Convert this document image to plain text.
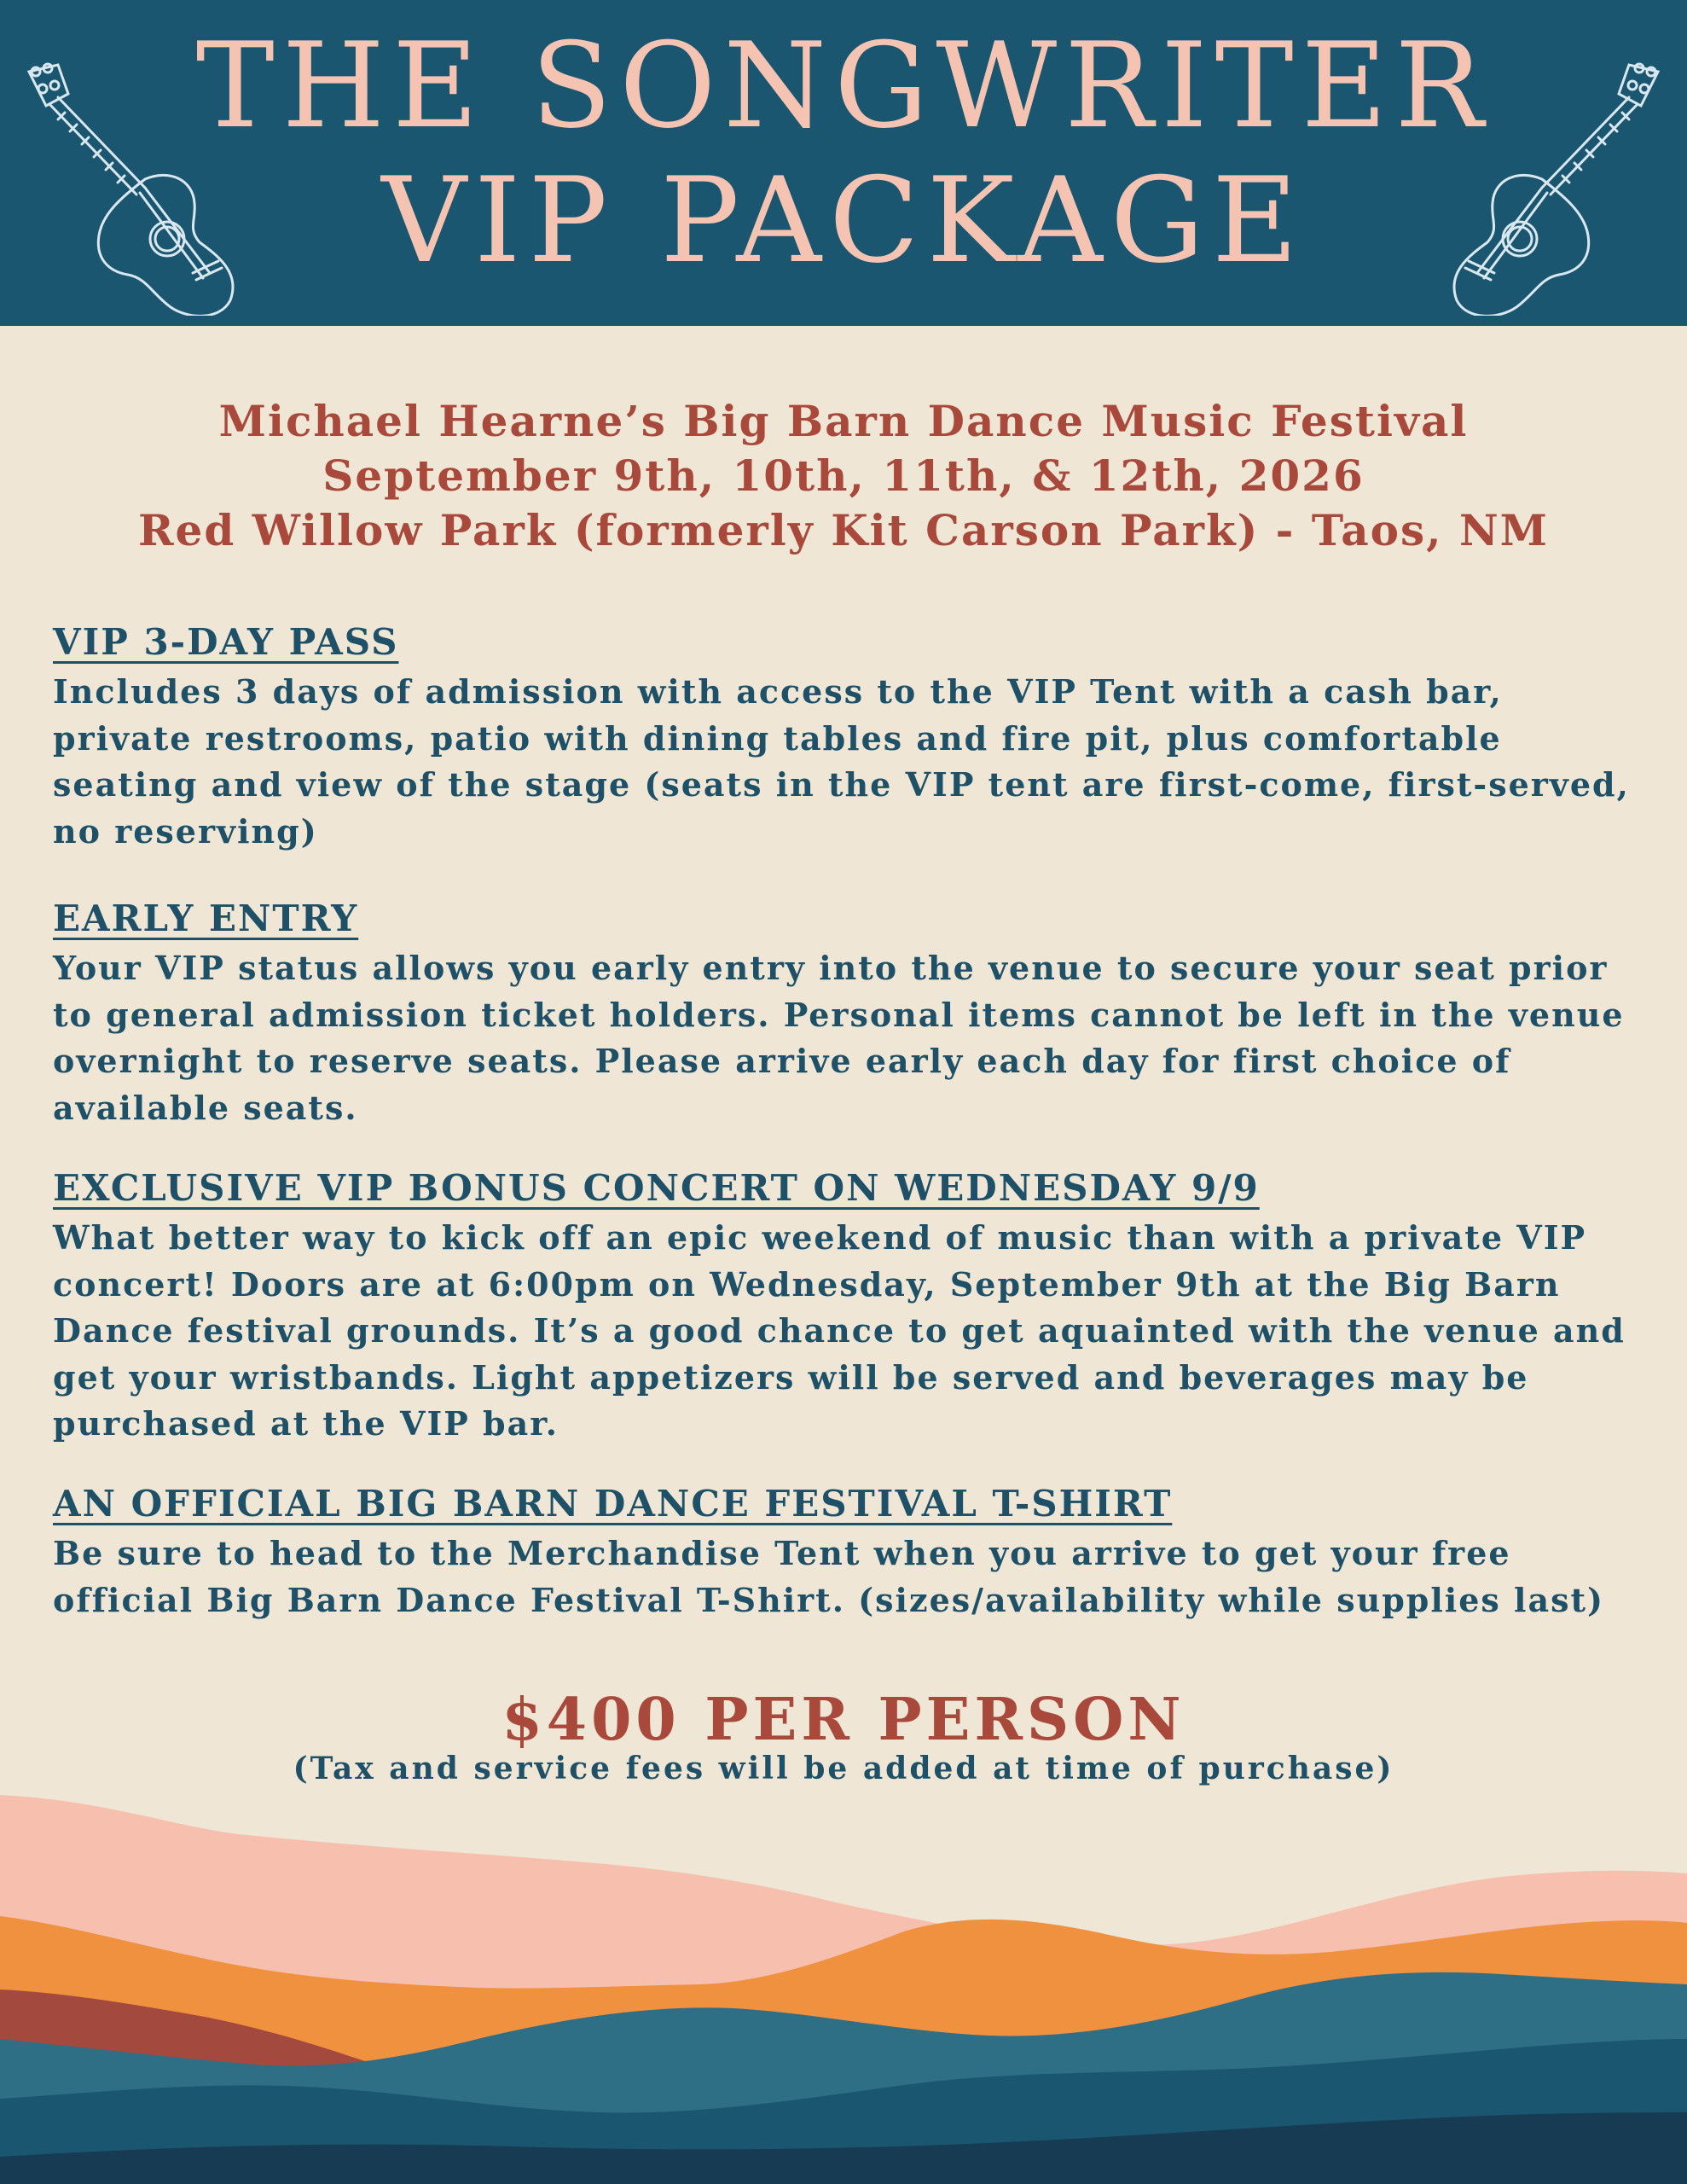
THE SONGWRITER
VIP PACKAGE
Michael Hearne’s Big Barn Dance Music Festival
September 9th, 10th, 11th, & 12th, 2026
Red Willow Park (formerly Kit Carson Park) - Taos, NM
VIP 3-DAY PASS

Includes 3 days of admission with access to the VIP Tent with a cash bar,
private restrooms, patio with dining tables and fire pit, plus comfortable
seating and view of the stage (seats in the VIP tent are first-come, first-served,
no reserving)

EARLY ENTRY

Your VIP status allows you early entry into the venue to secure your seat prior
to general admission ticket holders. Personal items cannot be left in the venue
overnight to reserve seats. Please arrive early each day for first choice of
available seats.

EXCLUSIVE VIP BONUS CONCERT ON WEDNESDAY 9/9

What better way to kick off an epic weekend of music than with a private VIP
concert! Doors are at 6:00pm on Wednesday, September 9th at the Big Barn
Dance festival grounds. It’s a good chance to get aquainted with the venue and
get your wristbands. Light appetizers will be served and beverages may be
purchased at the VIP bar.

AN OFFICIAL BIG BARN DANCE FESTIVAL T-SHIRT

Be sure to head to the Merchandise Tent when you arrive to get your free
official Big Barn Dance Festival T-Shirt. (sizes/availability while supplies last)

$400 PER PERSON
(Tax and service fees will be added at time of purchase)
